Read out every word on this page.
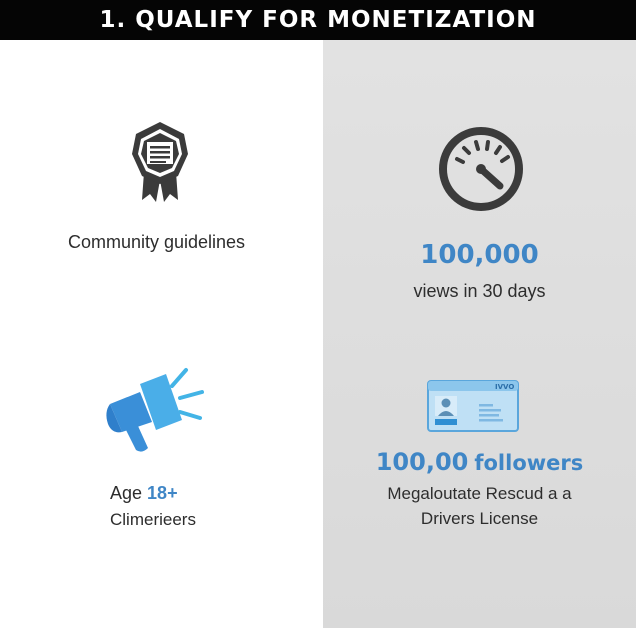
1. QUALIFY FOR MONETIZATION
Community guidelines	100,000
views in 30 days
Age 18+
Climerieers
IVVO
100,00 followers
Megaloutate Rescud a a
Drivers License
